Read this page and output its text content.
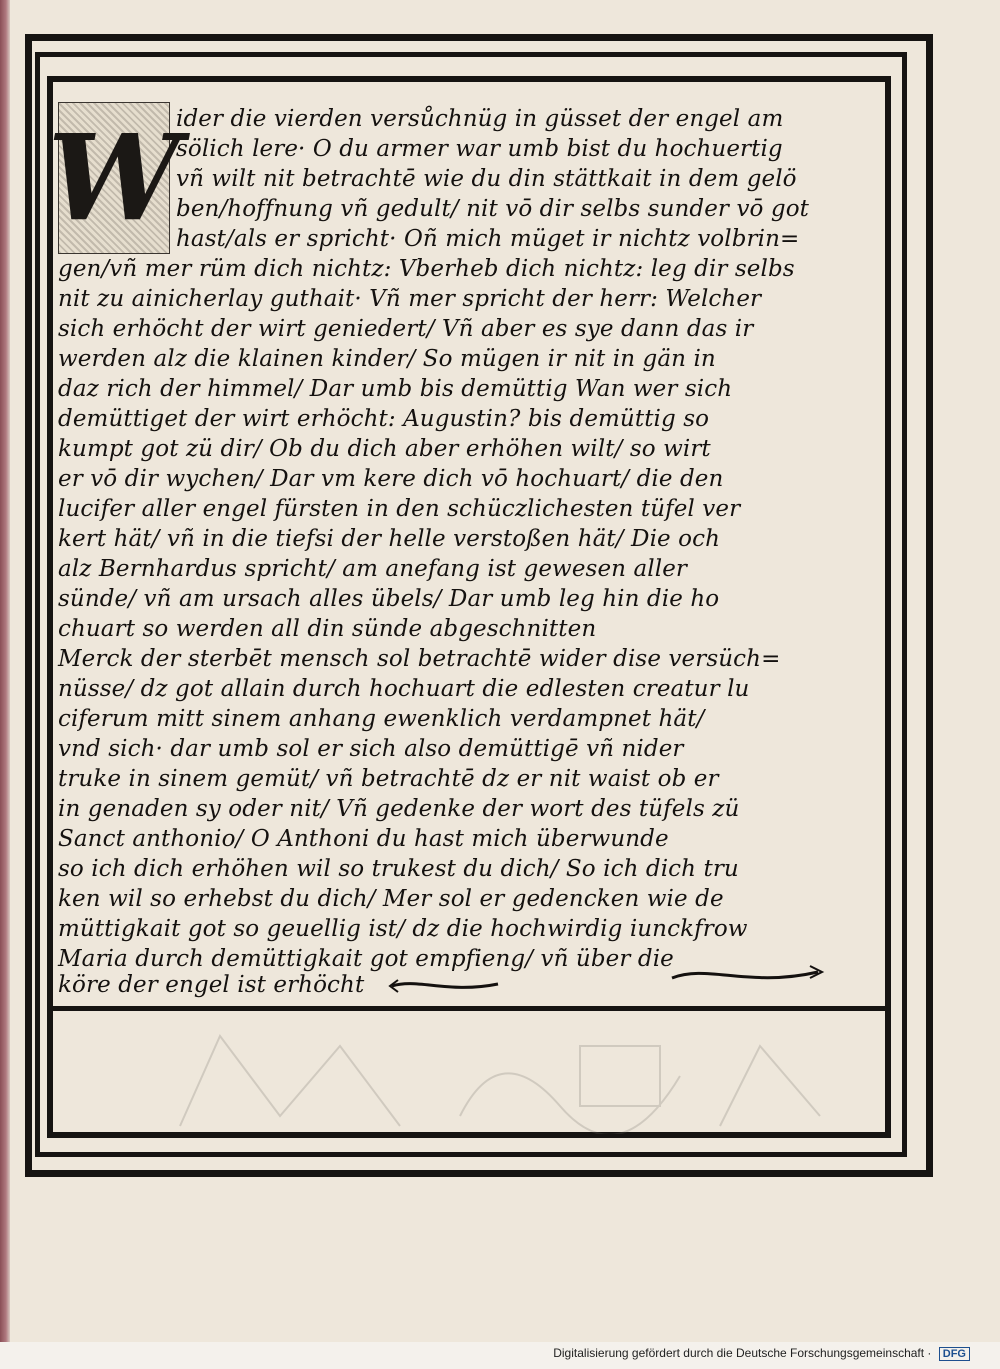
W
ider die vierden versůchnüg in güsset der engel am
sölich lere· O du armer war umb bist du hochuertig
vñ wilt nit betrachtē wie du din stättkait in dem gelö
ben/hoffnung vñ gedult/ nit vō dir selbs sunder vō got
hast/als er spricht· Oñ mich müget ir nichtz volbrin=
gen/vñ mer rüm dich nichtz: Vberheb dich nichtz: leg dir selbs
nit zu ainicherlay guthait· Vñ mer spricht der herr: Welcher
sich erhöcht der wirt geniedert/ Vñ aber es sye dann das ir
werden alz die klainen kinder/ So mügen ir nit in gän in
daz rich der himmel/ Dar umb bis demüttig Wan wer sich
demüttiget der wirt erhöcht: Augustin? bis demüttig so
kumpt got zü dir/ Ob du dich aber erhöhen wilt/ so wirt
er vō dir wychen/ Dar vm kere dich vō hochuart/ die den
lucifer aller engel fürsten in den schüczlichesten tüfel ver
kert hät/ vñ in die tiefsi der helle verstoßen hät/ Die och
alz Bernhardus spricht/ am anefang ist gewesen aller
sünde/ vñ am ursach alles übels/ Dar umb leg hin die ho
chuart so werden all din sünde abgeschnitten
Merck der sterbēt mensch sol betrachtē wider dise versüch=
nüsse/ dz got allain durch hochuart die edlesten creatur lu
ciferum mitt sinem anhang ewenklich verdampnet hät/
vnd sich· dar umb sol er sich also demüttigē vñ nider
truke in sinem gemüt/ vñ betrachtē dz er nit waist ob er
in genaden sy oder nit/ Vñ gedenke der wort des tüfels zü
Sanct anthonio/ O Anthoni du hast mich überwunde
so ich dich erhöhen wil so trukest du dich/ So ich dich tru
ken wil so erhebst du dich/ Mer sol er gedencken wie de
müttigkait got so geuellig ist/ dz die hochwirdig iunckfrow
Maria durch demüttigkait got empfieng/ vñ über die
köre der engel ist erhöcht
Digitalisierung gefördert durch die Deutsche Forschungsgemeinschaft · DFG
